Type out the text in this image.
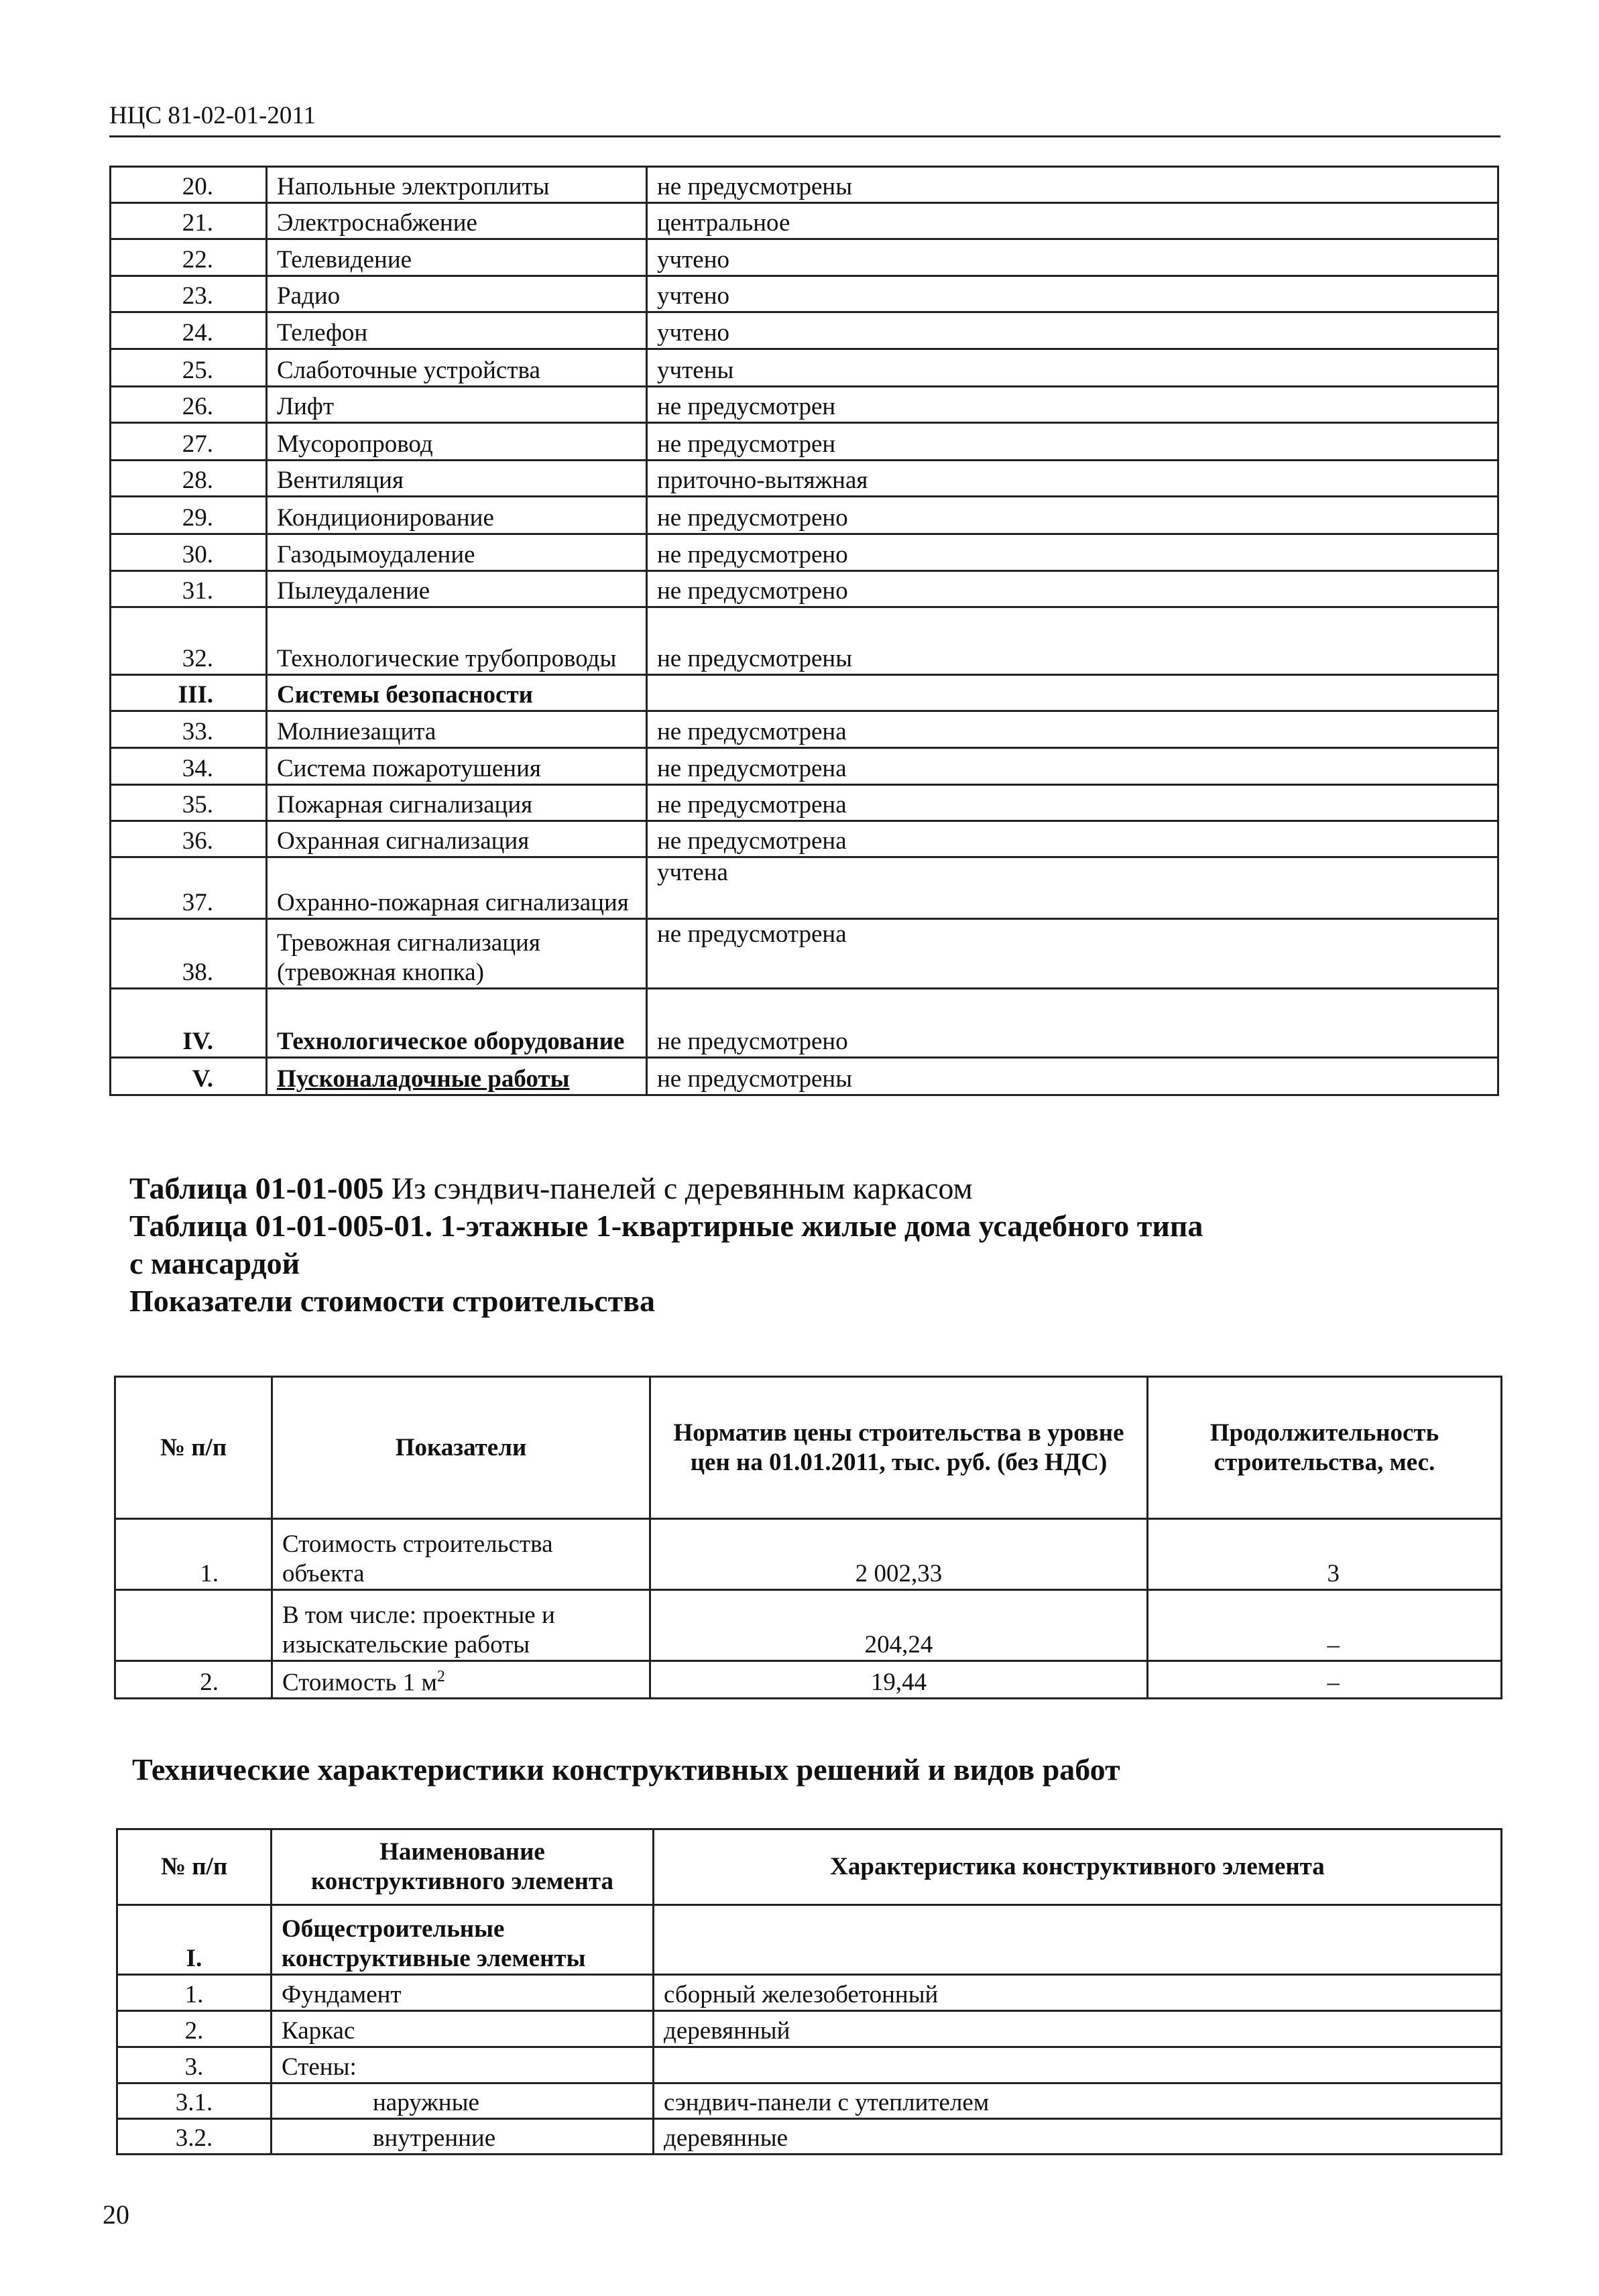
НЦС 81-02-01-2011
20.	Напольные электроплиты	не предусмотрены
21.	Электроснабжение	центральное
22.	Телевидение	учтено
23.	Радио	учтено
24.	Телефон	учтено
25.	Слаботочные устройства	учтены
26.	Лифт	не предусмотрен
27.	Мусоропровод	не предусмотрен
28.	Вентиляция	приточно-вытяжная
29.	Кондиционирование	не предусмотрено
30.	Газодымоудаление	не предусмотрено
31.	Пылеудаление	не предусмотрено
32.	Технологические трубопроводы	не предусмотрены
III.	Системы безопасности	
33.	Молниезащита	не предусмотрена
34.	Система пожаротушения	не предусмотрена
35.	Пожарная сигнализация	не предусмотрена
36.	Охранная сигнализация	не предусмотрена
37.	Охранно-пожарная сигнализация	учтена
38.	Тревожная сигнализация (тревожная кнопка)	не предусмотрена
IV.	Технологическое оборудование	не предусмотрено
V.	Пусконаладочные работы	не предусмотрены
Таблица 01-01-005 Из сэндвич-панелей с деревянным каркасом
Таблица 01-01-005-01. 1-этажные 1-квартирные жилые дома усадебного типа
с мансардой
Показатели стоимости строительства
№ п/п	Показатели	Норматив цены строительства в уровне цен на 01.01.2011, тыс. руб. (без НДС)	Продолжительность строительства, мес.
1.	Стоимость строительства объекта	2 002,33	3
	В том числе: проектные и изыскательские работы	204,24	–
2.	Стоимость 1 $м^2$	19,44	–
Технические характеристики конструктивных решений и видов работ
№ п/п	Наименование конструктивного элемента	Характеристика конструктивного элемента
I.	Общестроительные конструктивные элементы	
1.	Фундамент	сборный железобетонный
2.	Каркас	деревянный
3.	Стены:	
3.1.	наружные	сэндвич-панели с утеплителем
3.2.	внутренние	деревянные
20
